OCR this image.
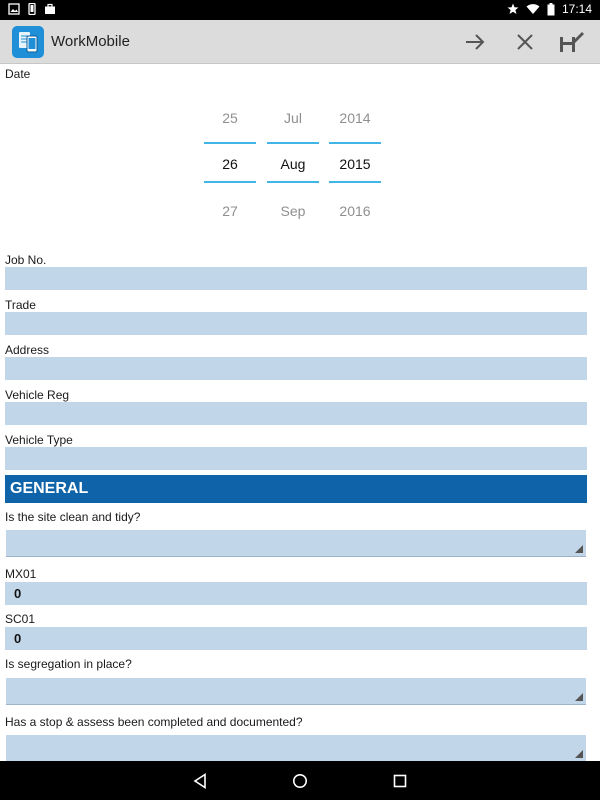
17:14
WorkMobile
Date
25
26
27
Jul
Aug
Sep
2014
2015
2016
Job No.
Trade
Address
Vehicle Reg
Vehicle Type
GENERAL
Is the site clean and tidy?
MX01
0
SC01
0
Is segregation in place?
Has a stop & assess been completed and documented?
